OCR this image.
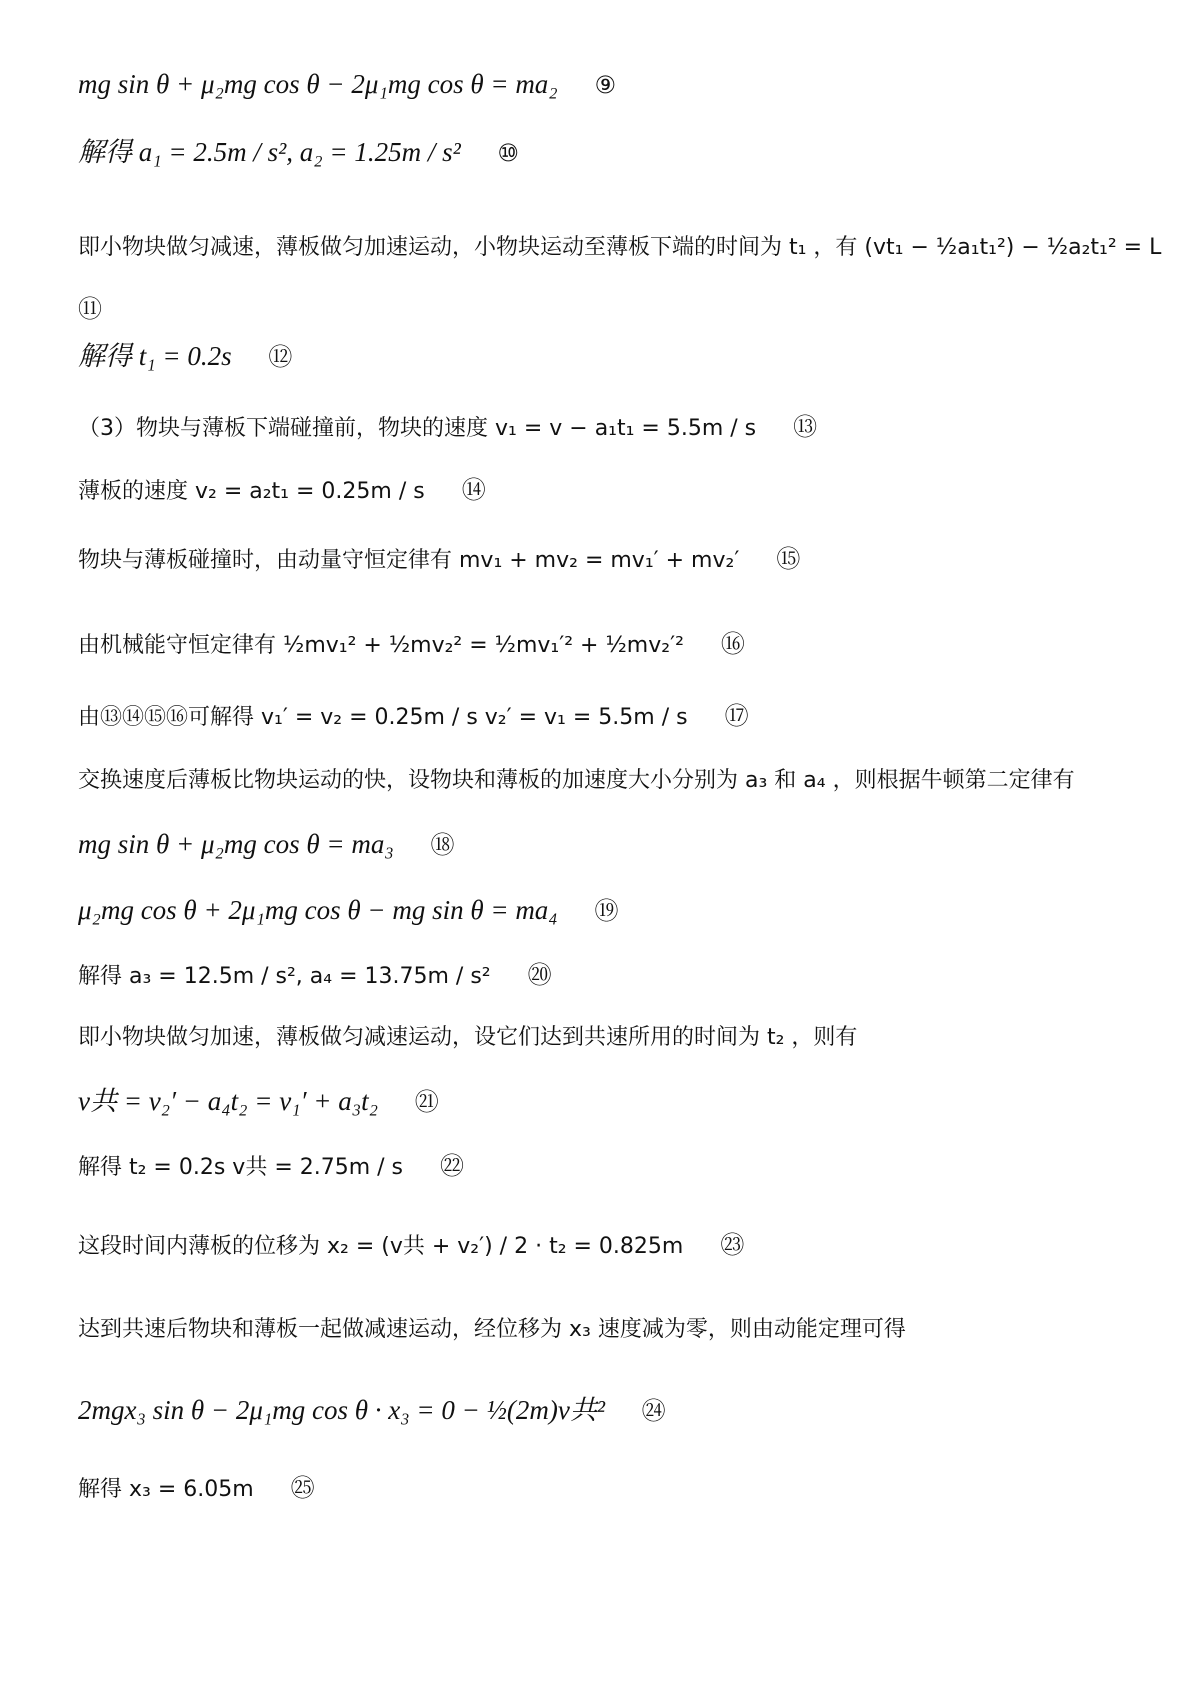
mg sin θ + μ₂mg cos θ − 2μ₁mg cos θ = ma₂ ⑨
解得 a₁ = 2.5m / s², a₂ = 1.25m / s² ⑩
即小物块做匀减速，薄板做匀加速运动，小物块运动至薄板下端的时间为 t₁ ，有 (vt₁ − ½a₁t₁²) − ½a₂t₁² = L
⑪
解得 t₁ = 0.2s ⑫
（3）物块与薄板下端碰撞前，物块的速度 v₁ = v − a₁t₁ = 5.5m / s ⑬
薄板的速度 v₂ = a₂t₁ = 0.25m / s ⑭
物块与薄板碰撞时，由动量守恒定律有 mv₁ + mv₂ = mv₁′ + mv₂′ ⑮
由机械能守恒定律有 ½mv₁² + ½mv₂² = ½mv₁′² + ½mv₂′² ⑯
由⑬⑭⑮⑯可解得 v₁′ = v₂ = 0.25m / s v₂′ = v₁ = 5.5m / s ⑰
交换速度后薄板比物块运动的快，设物块和薄板的加速度大小分别为 a₃ 和 a₄ ，则根据牛顿第二定律有
mg sin θ + μ₂mg cos θ = ma₃ ⑱
μ₂mg cos θ + 2μ₁mg cos θ − mg sin θ = ma₄ ⑲
解得 a₃ = 12.5m / s², a₄ = 13.75m / s² ⑳
即小物块做匀加速，薄板做匀减速运动，设它们达到共速所用的时间为 t₂ ，则有
v共 = v₂′ − a₄t₂ = v₁′ + a₃t₂ ㉑
解得 t₂ = 0.2s v共 = 2.75m / s ㉒
这段时间内薄板的位移为 x₂ = (v共 + v₂′) / 2 · t₂ = 0.825m ㉓
达到共速后物块和薄板一起做减速运动，经位移为 x₃ 速度减为零，则由动能定理可得
2mgx₃ sin θ − 2μ₁mg cos θ · x₃ = 0 − ½(2m)v共² ㉔
解得 x₃ = 6.05m ㉕
